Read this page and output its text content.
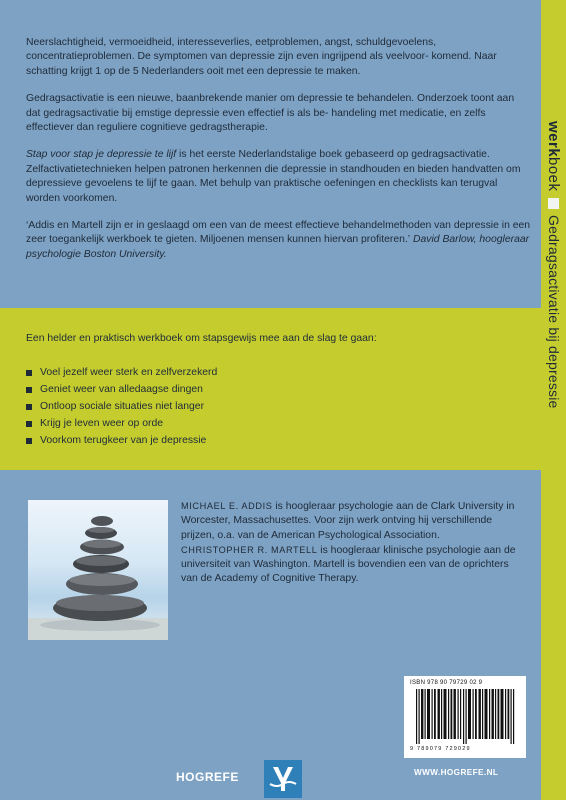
Neerslachtigheid, vermoeidheid, interesseverlies, eetproblemen, angst, schuldgevoelens, concentratieproblemen. De symptomen van depressie zijn even ingrijpend als veelvoor- komend. Naar schatting krijgt 1 op de 5 Nederlanders ooit met een depressie te maken.

Gedragsactivatie is een nieuwe, baanbrekende manier om depressie te behandelen. Onderzoek toont aan dat gedragsactivatie bij emstige depressie even effectief is als be- handeling met medicatie, en zelfs effectiever dan reguliere cognitieve gedragstherapie.

Stap voor stap je depressie te lijf is het eerste Nederlandstalige boek gebaseerd op gedragsactivatie. Zelfactivatietechnieken helpen patronen herkennen die depressie in standhouden en bieden handvatten om depressieve gevoelens te lijf te gaan. Met behulp van praktische oefeningen en checklists kan terugval worden voorkomen.

‘Addis en Martell zijn er in geslaagd om een van de meest effectieve behandelmethoden van depressie in een zeer toegankelijk werkboek te gieten. Miljoenen mensen kunnen hiervan profiteren.’ David Barlow, hoogleraar psychologie Boston University.

Een helder en praktisch werkboek om stapsgewijs mee aan de slag te gaan:
Voel jezelf weer sterk en zelfverzekerd
Geniet weer van alledaagse dingen
Ontloop sociale situaties niet langer
Krijg je leven weer op orde
Voorkom terugkeer van je depressie
MICHAEL E. ADDIS is hoogleraar psychologie aan de Clark University in Worcester, Massachusettes. Voor zijn werk ontving hij verschillende prijzen, o.a. van de American Psychological Association.
CHRISTOPHER R. MARTELL is hoogleraar klinische psychologie aan de universiteit van Washington. Martell is bovendien een van de oprichters van de Academy of Cognitive Therapy.
ISBN 978 90 79729 02 9
9 789079 729029
WWW.HOGREFE.NL
HOGREFE
werk
boek
Gedragsactivatie bij depressie
